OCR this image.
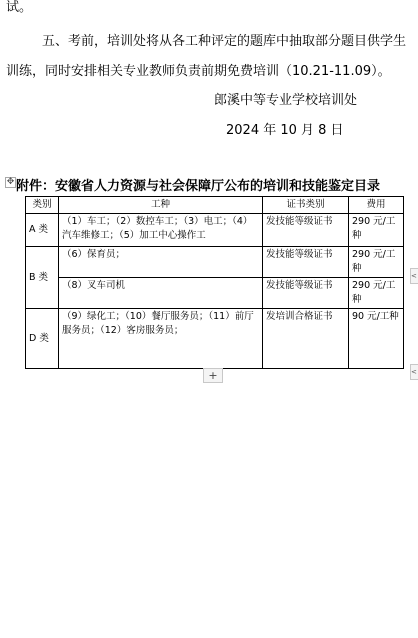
试。
五、考前，培训处将从各工种评定的题库中抽取部分题目供学生
训练，同时安排相关专业教师负责前期免费培训（10.21-11.09）。
郎溪中等专业学校培训处
2024 年 10 月 8 日
✥ 附件：安徽省人力资源与社会保障厅公布的培训和技能鉴定目录
类别	工种	证书类别	费用
A 类	（1）车工；（2）数控车工；（3）电工；（4）汽车维修工；（5）加工中心操作工	发技能等级证书	290 元/工种
B 类	（6）保育员；	发技能等级证书	290 元/工种
	（8）叉车司机	发技能等级证书	290 元/工种
D 类	（9）绿化工；（10）餐厅服务员；（11）前厅服务员；（12）客房服务员；	发培训合格证书	90 元/工种
+
<
<
